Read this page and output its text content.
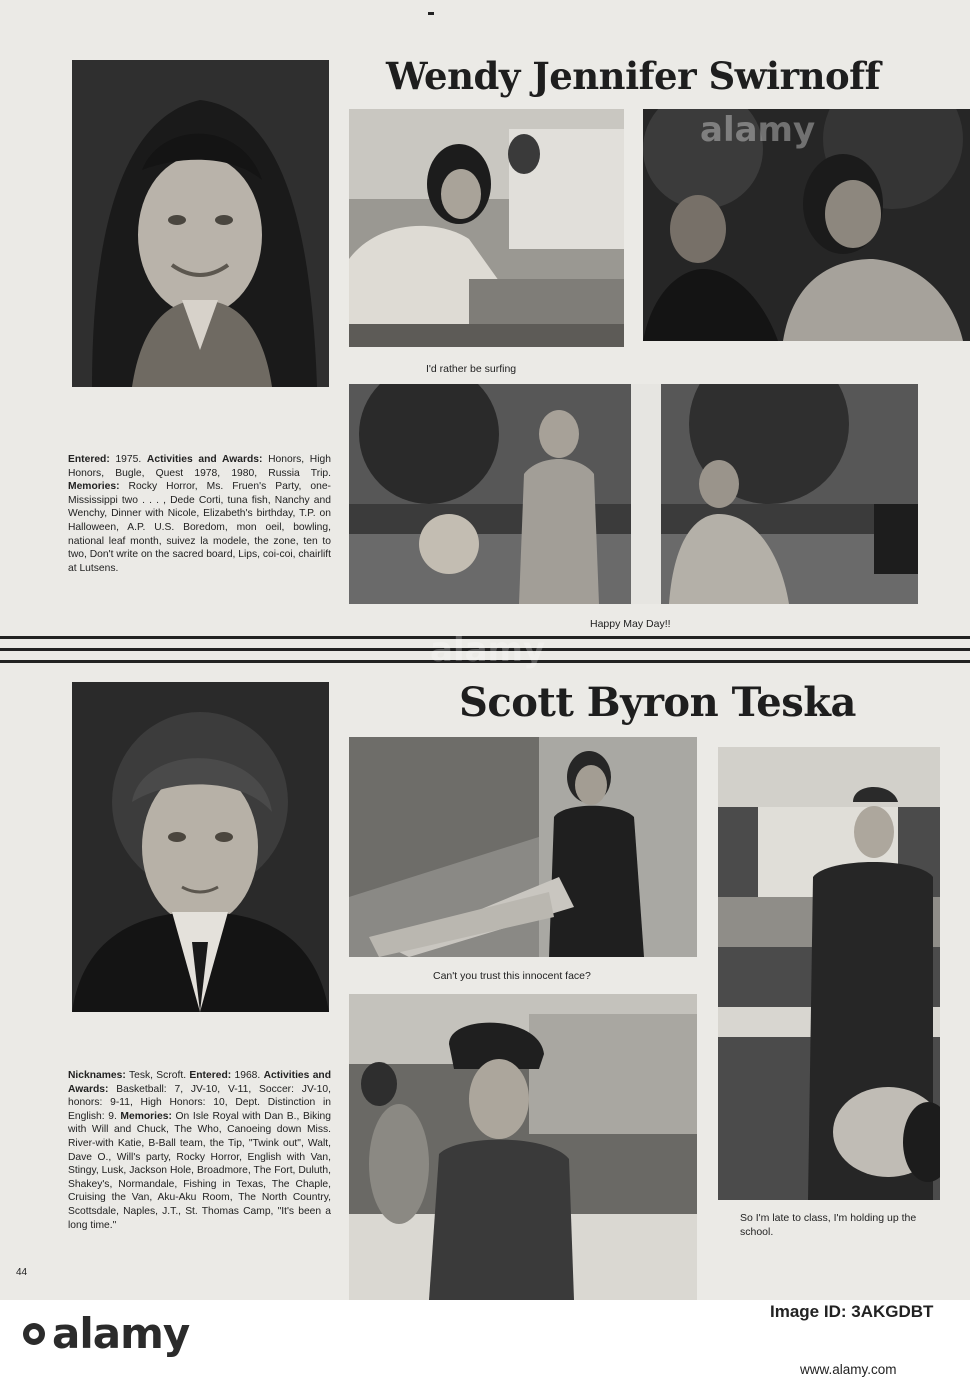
Wendy Jennifer Swirnoff
I'd rather be surfing
Happy May Day!!
Entered: 1975. Activities and Awards: Honors, High Honors, Bugle, Quest 1978, 1980, Russia Trip. Memories: Rocky Horror, Ms. Fruen's Party, one-Mississippi two . . . , Dede Corti, tuna fish, Nanchy and Wenchy, Dinner with Nicole, Elizabeth's birthday, T.P. on Halloween, A.P. U.S. Boredom, mon oeil, bowling, national leaf month, suivez la modele, the zone, ten to two, Don't write on the sacred board, Lips, coi-coi, chairlift at Lutsens.
Scott Byron Teska
Can't you trust this innocent face?
So I'm late to class, I'm holding up the school.
Nicknames: Tesk, Scroft. Entered: 1968. Activities and Awards: Basketball: 7, JV-10, V-11, Soccer: JV-10, honors: 9-11, High Honors: 10, Dept. Distinction in English: 9. Memories: On Isle Royal with Dan B., Biking with Will and Chuck, The Who, Canoeing down Miss. River-with Katie, B-Ball team, the Tip, "Twink out", Walt, Dave O., Will's party, Rocky Horror, English with Van, Stingy, Lusk, Jackson Hole, Broadmore, The Fort, Duluth, Shakey's, Normandale, Fishing in Texas, The Chaple, Cruising the Van, Aku-Aku Room, The North Country, Scottsdale, Naples, J.T., St. Thomas Camp, "It's been a long time."
44
alamy
alamy
alamy	Image ID: 3AKGDBT
www.alamy.com
